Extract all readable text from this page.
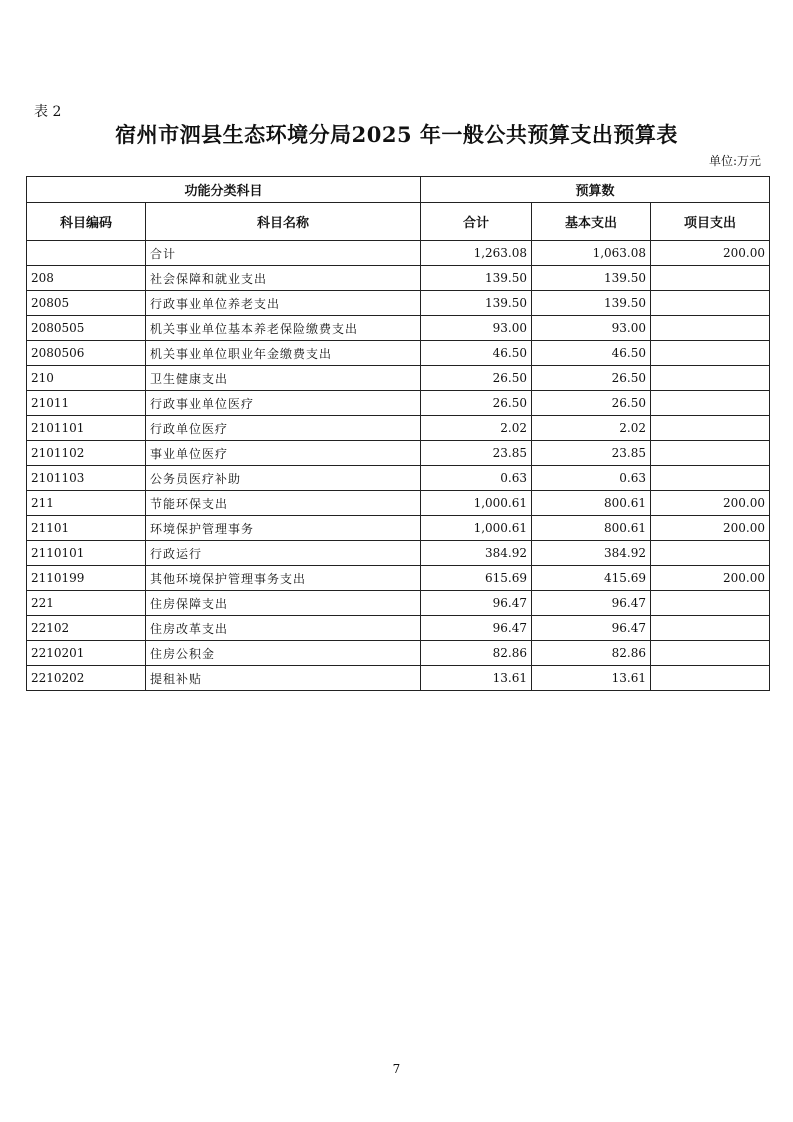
表 2
宿州市泗县生态环境分局2025 年一般公共预算支出预算表
单位:万元
功能分类科目		预算数		
科目编码	科目名称	合计	基本支出	项目支出
	合计	1,263.08	1,063.08	200.00
208	社会保障和就业支出	139.50	139.50	
20805	行政事业单位养老支出	139.50	139.50	
2080505	机关事业单位基本养老保险缴费支出	93.00	93.00	
2080506	机关事业单位职业年金缴费支出	46.50	46.50	
210	卫生健康支出	26.50	26.50	
21011	行政事业单位医疗	26.50	26.50	
2101101	行政单位医疗	2.02	2.02	
2101102	事业单位医疗	23.85	23.85	
2101103	公务员医疗补助	0.63	0.63	
211	节能环保支出	1,000.61	800.61	200.00
21101	环境保护管理事务	1,000.61	800.61	200.00
2110101	行政运行	384.92	384.92	
2110199	其他环境保护管理事务支出	615.69	415.69	200.00
221	住房保障支出	96.47	96.47	
22102	住房改革支出	96.47	96.47	
2210201	住房公积金	82.86	82.86	
2210202	提租补贴	13.61	13.61	
7
